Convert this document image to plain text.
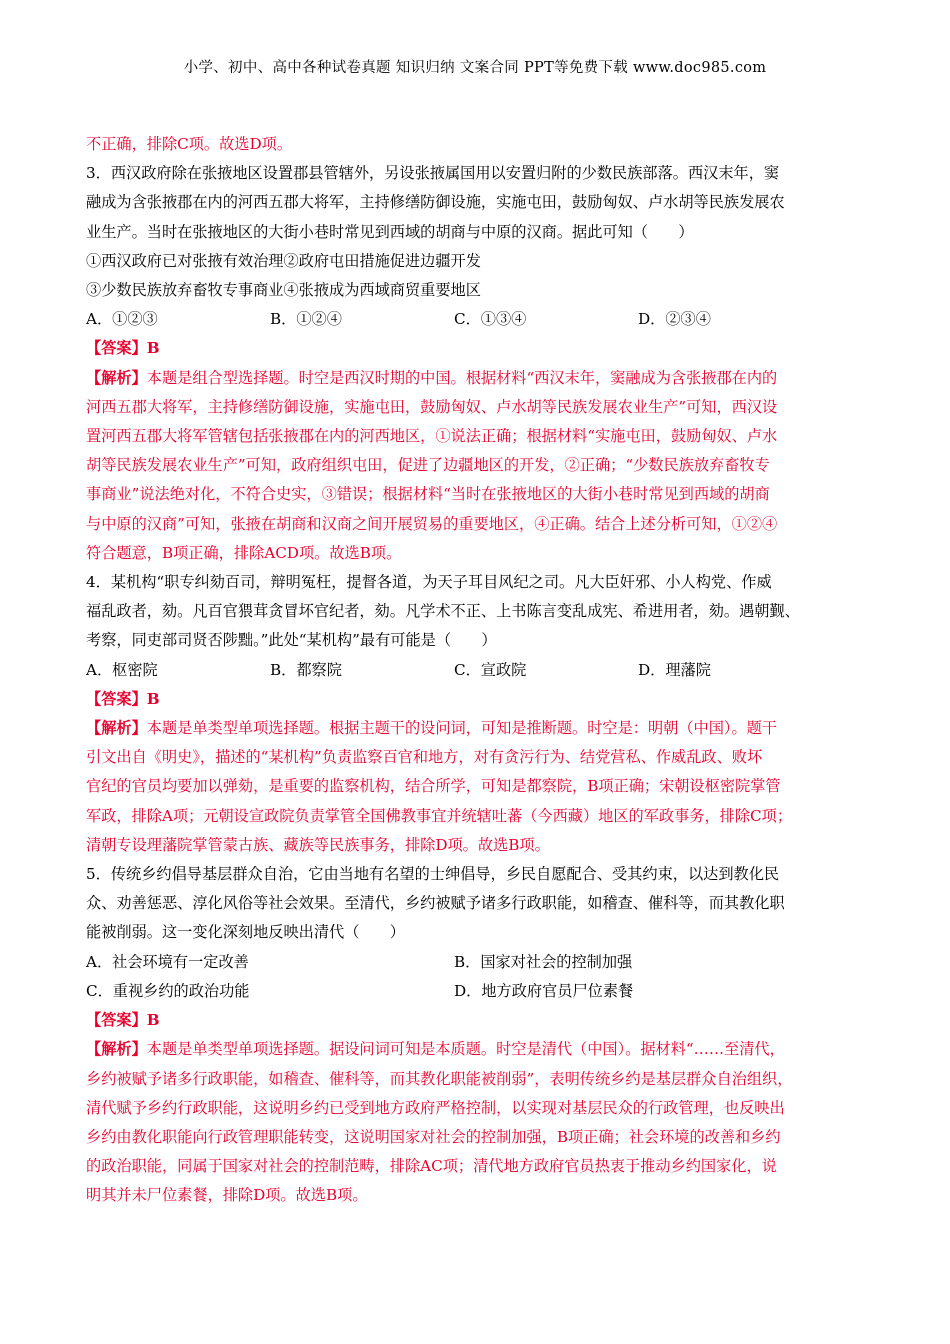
小学、初中、高中各种试卷真题 知识归纳 文案合同 PPT等免费下载 www.doc985.com

不正确，排除C项。故选D项。

3．西汉政府除在张掖地区设置郡县管辖外，另设张掖属国用以安置归附的少数民族部落。西汉末年，窦

融成为含张掖郡在内的河西五郡大将军，主持修缮防御设施，实施屯田，鼓励匈奴、卢水胡等民族发展农

业生产。当时在张掖地区的大街小巷时常见到西域的胡商与中原的汉商。据此可知（　　）

①西汉政府已对张掖有效治理②政府屯田措施促进边疆开发

③少数民族放弃畜牧专事商业④张掖成为西域商贸重要地区

A．①②③	B．①②④	C．①③④	D．②③④

【答案】B

【解析】本题是组合型选择题。时空是西汉时期的中国。根据材料“西汉末年，窦融成为含张掖郡在内的

河西五郡大将军，主持修缮防御设施，实施屯田，鼓励匈奴、卢水胡等民族发展农业生产”可知，西汉设

置河西五郡大将军管辖包括张掖郡在内的河西地区，①说法正确；根据材料“实施屯田，鼓励匈奴、卢水

胡等民族发展农业生产”可知，政府组织屯田，促进了边疆地区的开发，②正确；“少数民族放弃畜牧专

事商业”说法绝对化，不符合史实，③错误；根据材料“当时在张掖地区的大街小巷时常见到西域的胡商

与中原的汉商”可知，张掖在胡商和汉商之间开展贸易的重要地区，④正确。结合上述分析可知，①②④

符合题意，B项正确，排除ACD项。故选B项。

4．某机构“职专纠劾百司，辩明冤枉，提督各道，为天子耳目风纪之司。凡大臣奸邪、小人构党、作威

福乱政者，劾。凡百官猥茸贪冒坏官纪者，劾。凡学术不正、上书陈言变乱成宪、希进用者，劾。遇朝觐、

考察，同吏部司贤否陟黜。”此处“某机构”最有可能是（　　）

A．枢密院	B．都察院	C．宣政院	D．理藩院

【答案】B

【解析】本题是单类型单项选择题。根据主题干的设问词，可知是推断题。时空是：明朝（中国）。题干

引文出自《明史》，描述的“某机构”负责监察百官和地方，对有贪污行为、结党营私、作威乱政、败坏

官纪的官员均要加以弹劾，是重要的监察机构，结合所学，可知是都察院，B项正确；宋朝设枢密院掌管

军政，排除A项；元朝设宣政院负责掌管全国佛教事宜并统辖吐蕃（今西藏）地区的军政事务，排除C项；

清朝专设理藩院掌管蒙古族、藏族等民族事务，排除D项。故选B项。

5．传统乡约倡导基层群众自治，它由当地有名望的士绅倡导，乡民自愿配合、受其约束，以达到教化民

众、劝善惩恶、淳化风俗等社会效果。至清代，乡约被赋予诸多行政职能，如稽查、催科等，而其教化职

能被削弱。这一变化深刻地反映出清代（　　）

A．社会环境有一定改善	B．国家对社会的控制加强
C．重视乡约的政治功能	D．地方政府官员尸位素餐

【答案】B

【解析】本题是单类型单项选择题。据设问词可知是本质题。时空是清代（中国）。据材料“……至清代，

乡约被赋予诸多行政职能，如稽查、催科等，而其教化职能被削弱”，表明传统乡约是基层群众自治组织，

清代赋予乡约行政职能，这说明乡约已受到地方政府严格控制，以实现对基层民众的行政管理，也反映出

乡约由教化职能向行政管理职能转变，这说明国家对社会的控制加强，B项正确；社会环境的改善和乡约

的政治职能，同属于国家对社会的控制范畴，排除AC项；清代地方政府官员热衷于推动乡约国家化，说

明其并未尸位素餐，排除D项。故选B项。
